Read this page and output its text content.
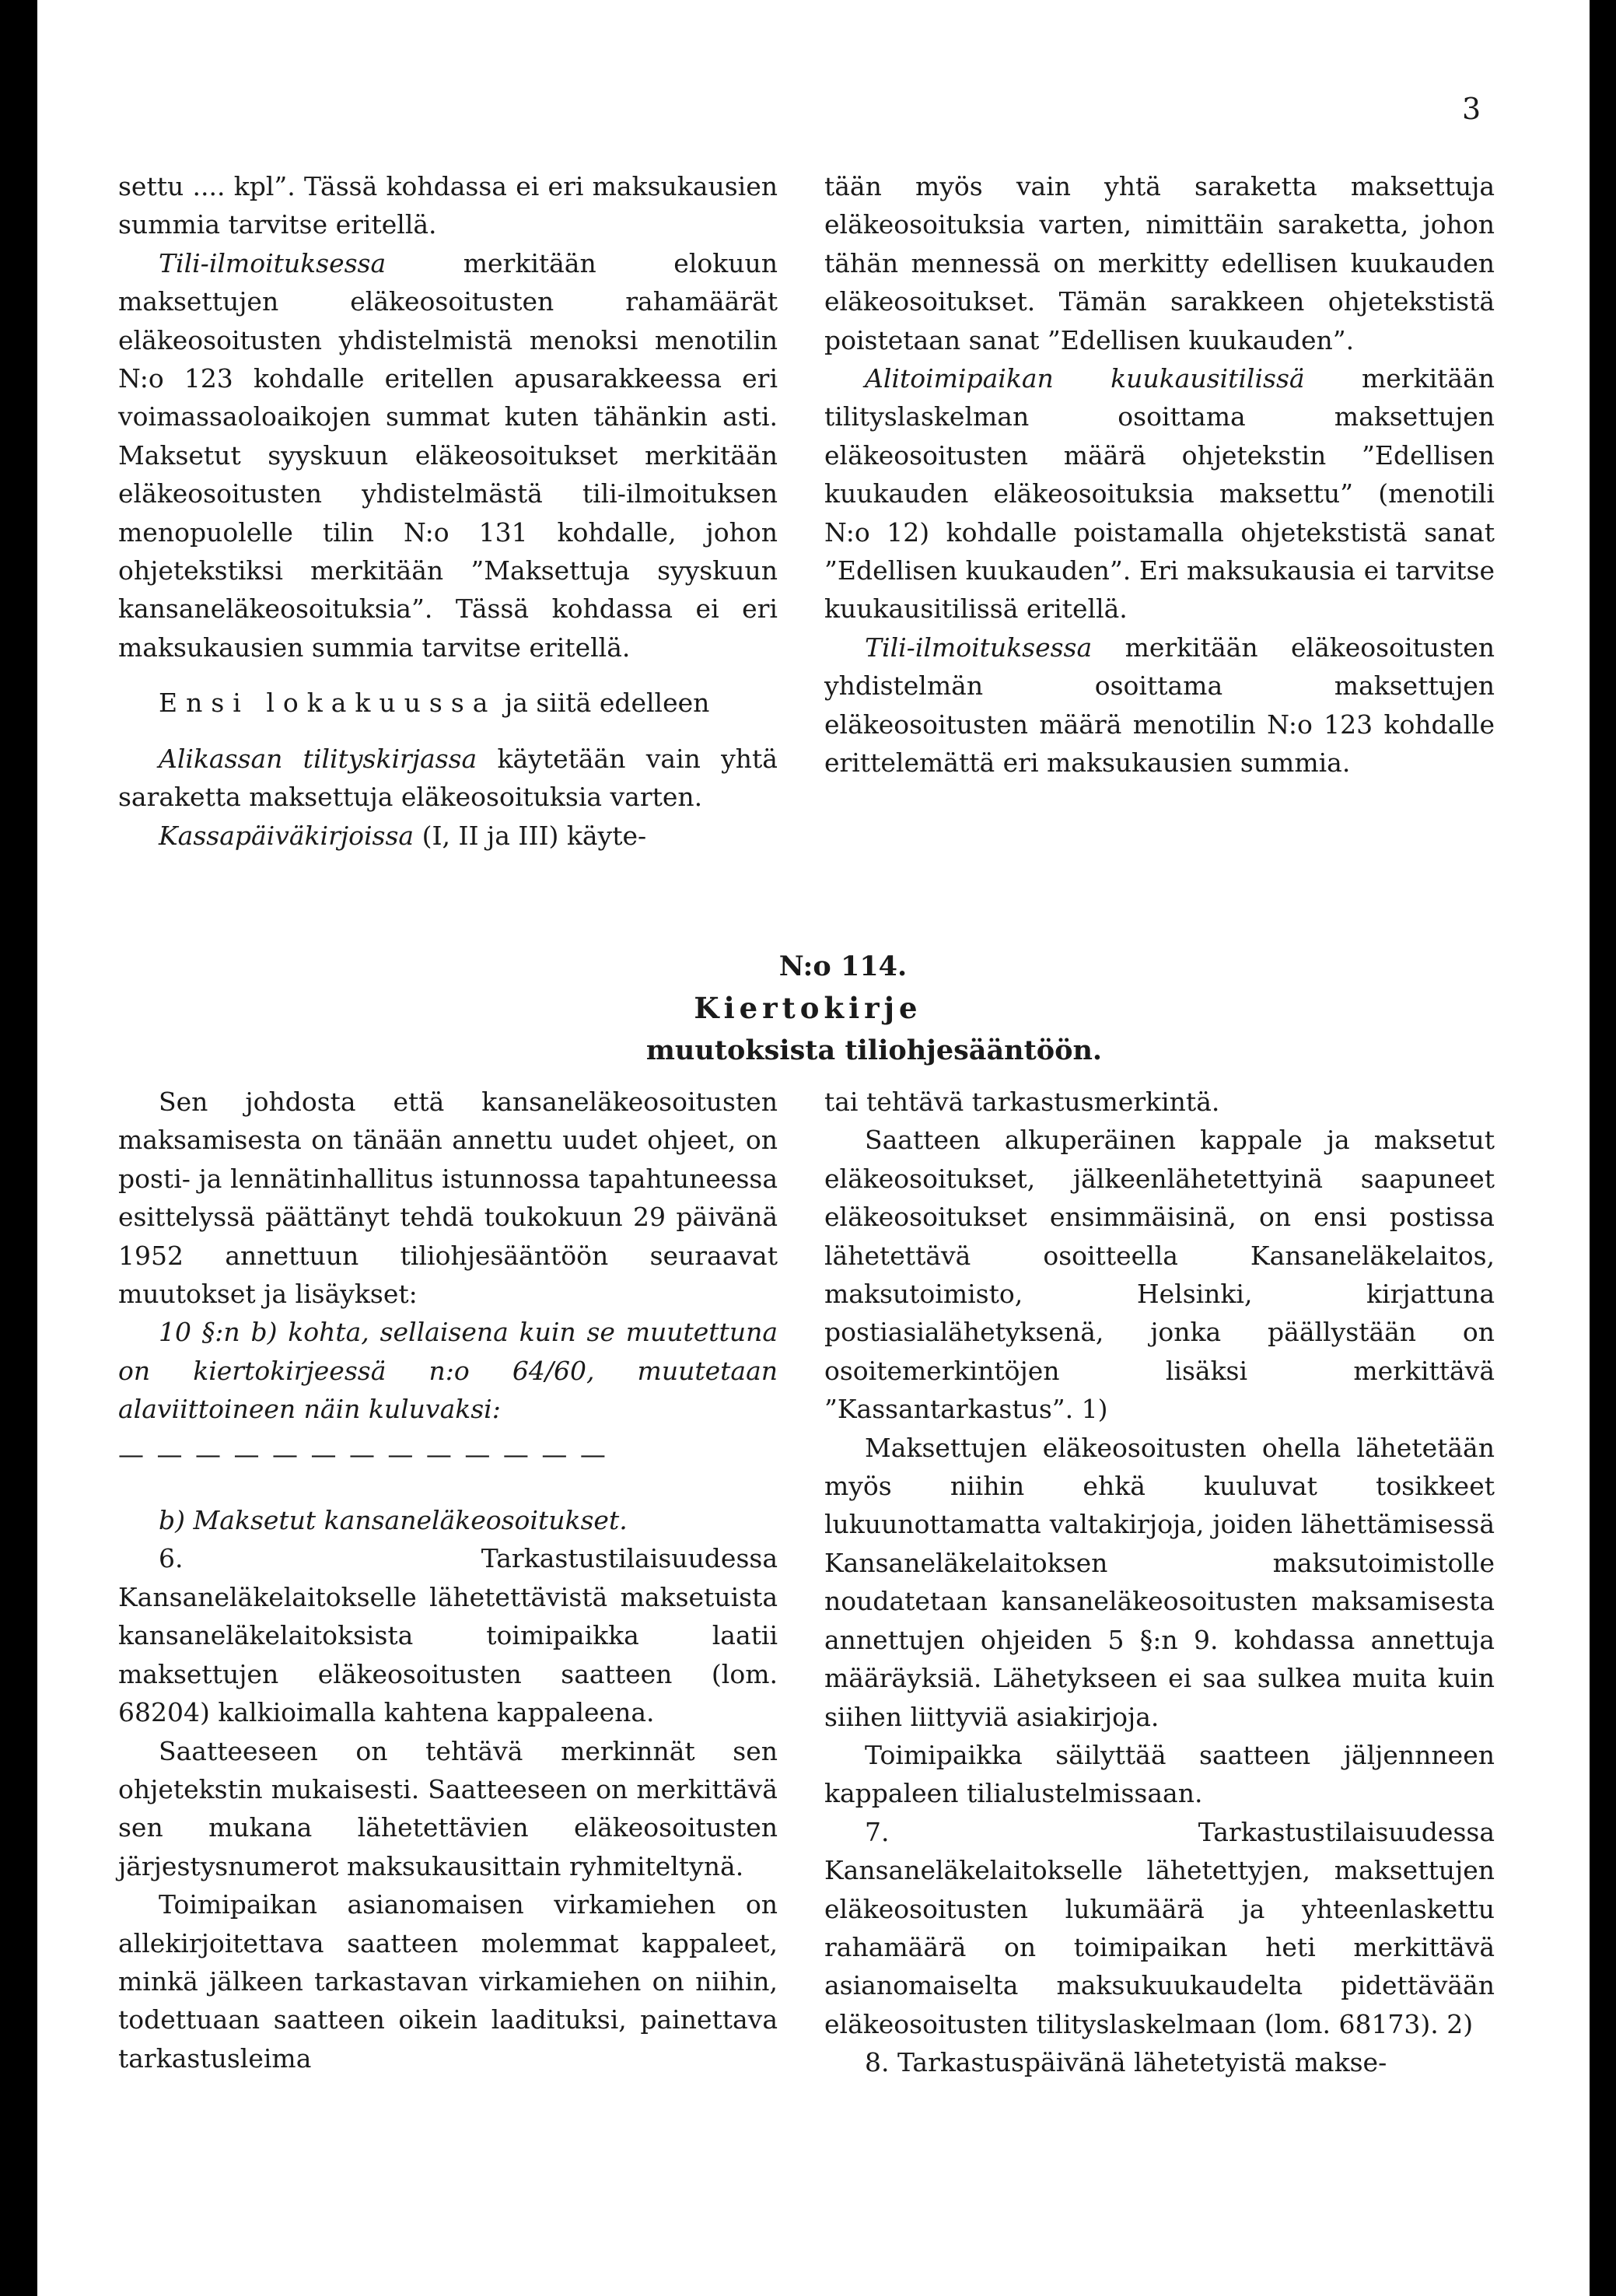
3

settu .... kpl”. Tässä kohdassa ei eri maksukausien summia tarvitse eritellä.

Tili-ilmoituksessa merkitään elokuun maksettujen eläkeosoitusten rahamäärät eläkeosoitusten yhdistelmistä menoksi menotilin N:o 123 kohdalle eritellen apusarakkeessa eri voimassaoloaikojen summat kuten tähänkin asti. Maksetut syyskuun eläkeosoitukset merkitään eläkeosoitusten yhdistelmästä tili-ilmoituksen menopuolelle tilin N:o 131 kohdalle, johon ohjetekstiksi merkitään ”Maksettuja syyskuun kansaneläkeosoituksia”. Tässä kohdassa ei eri maksukausien summia tarvitse eritellä.

Ensi lokakuussa ja siitä edelleen

Alikassan tilityskirjassa käytetään vain yhtä saraketta maksettuja eläkeosoituksia varten.

Kassapäiväkirjoissa (I, II ja III) käyte-

tään myös vain yhtä saraketta maksettuja eläkeosoituksia varten, nimittäin saraketta, johon tähän mennessä on merkitty edellisen kuukauden eläkeosoitukset. Tämän sarakkeen ohjetekstistä poistetaan sanat ”Edellisen kuukauden”.

Alitoimipaikan kuukausitilissä merkitään tilityslaskelman osoittama maksettujen eläkeosoitusten määrä ohjetekstin ”Edellisen kuukauden eläkeosoituksia maksettu” (menotili N:o 12) kohdalle poistamalla ohjetekstistä sanat ”Edellisen kuukauden”. Eri maksukausia ei tarvitse kuukausitilissä eritellä.

Tili-ilmoituksessa merkitään eläkeosoitusten yhdistelmän osoittama maksettujen eläkeosoitusten määrä menotilin N:o 123 kohdalle erittelemättä eri maksukausien summia.

N:o 114.
Kiertokirje
muutoksista tiliohjesääntöön.

Sen johdosta että kansaneläkeosoitusten maksamisesta on tänään annettu uudet ohjeet, on posti- ja lennätinhallitus istunnossa tapahtuneessa esittelyssä päättänyt tehdä toukokuun 29 päivänä 1952 annettuun tiliohjesääntöön seuraavat muutokset ja lisäykset:

10 §:n b) kohta, sellaisena kuin se muutettuna on kiertokirjeessä n:o 64/60, muutetaan alaviittoineen näin kuluvaksi:

— — — — — — — — — — — — —

b) Maksetut kansaneläkeosoitukset.

6. Tarkastustilaisuudessa Kansaneläkelaitokselle lähetettävistä maksetuista kansaneläkelaitoksista toimipaikka laatii maksettujen eläkeosoitusten saatteen (lom. 68204) kalkioimalla kahtena kappaleena.

Saatteeseen on tehtävä merkinnät sen ohjetekstin mukaisesti. Saatteeseen on merkittävä sen mukana lähetettävien eläkeosoitusten järjestysnumerot maksukausittain ryhmiteltynä.

Toimipaikan asianomaisen virkamiehen on allekirjoitettava saatteen molemmat kappaleet, minkä jälkeen tarkastavan virkamiehen on niihin, todettuaan saatteen oikein laadituksi, painettava tarkastusleima

tai tehtävä tarkastusmerkintä.

Saatteen alkuperäinen kappale ja maksetut eläkeosoitukset, jälkeenlähetettyinä saapuneet eläkeosoitukset ensimmäisinä, on ensi postissa lähetettävä osoitteella Kansaneläkelaitos, maksutoimisto, Helsinki, kirjattuna postiasialähetyksenä, jonka päällystään on osoitemerkintöjen lisäksi merkittävä ”Kassantarkastus”. 1)

Maksettujen eläkeosoitusten ohella lähetetään myös niihin ehkä kuuluvat tosikkeet lukuunottamatta valtakirjoja, joiden lähettämisessä Kansaneläkelaitoksen maksutoimistolle noudatetaan kansaneläkeosoitusten maksamisesta annettujen ohjeiden 5 §:n 9. kohdassa annettuja määräyksiä. Lähetykseen ei saa sulkea muita kuin siihen liittyviä asiakirjoja.

Toimipaikka säilyttää saatteen jäljennneen kappaleen tilialustelmissaan.

7. Tarkastustilaisuudessa Kansaneläkelaitokselle lähetettyjen, maksettujen eläkeosoitusten lukumäärä ja yhteenlaskettu rahamäärä on toimipaikan heti merkittävä asianomaiselta maksukuukaudelta pidettävään eläkeosoitusten tilityslaskelmaan (lom. 68173). 2)

8. Tarkastuspäivänä lähetetyistä makse-
